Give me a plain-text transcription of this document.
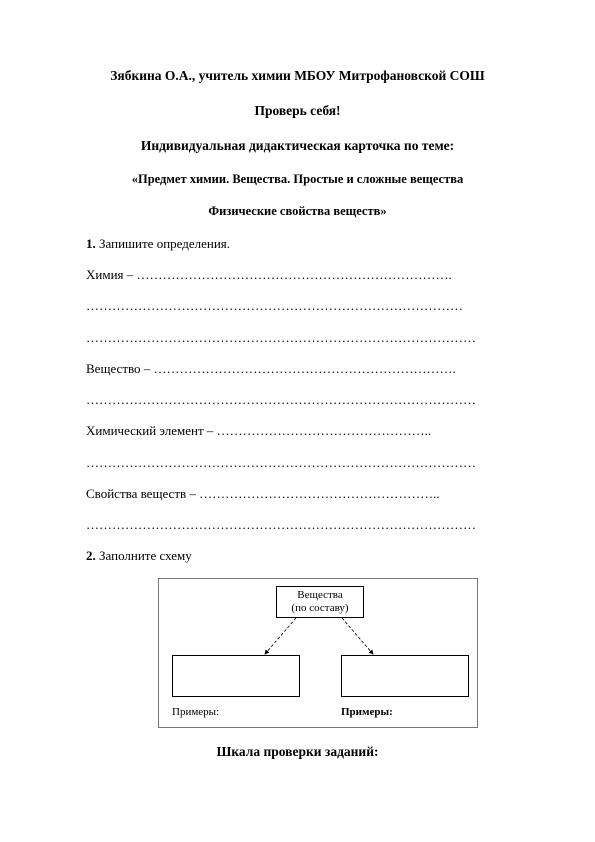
Зябкина О.А., учитель химии МБОУ Митрофановской СОШ
Проверь себя!
Индивидуальная дидактическая карточка по теме:
«Предмет химии. Вещества. Простые и сложные вещества
Физические свойства веществ»
1. Запишите определения.
Химия – ……………………………………………………………….
……………………………………………………………………………
………………………………………………………………………………
Вещество – …………………………………………………………….
………………………………………………………………………………
Химический элемент – …………………………………………..
………………………………………………………………………………
Свойства веществ – ………………………………………………..
………………………………………………………………………………
2. Заполните схему
Вещества
(по составу)
Примеры:	Примеры:
Шкала проверки заданий:
